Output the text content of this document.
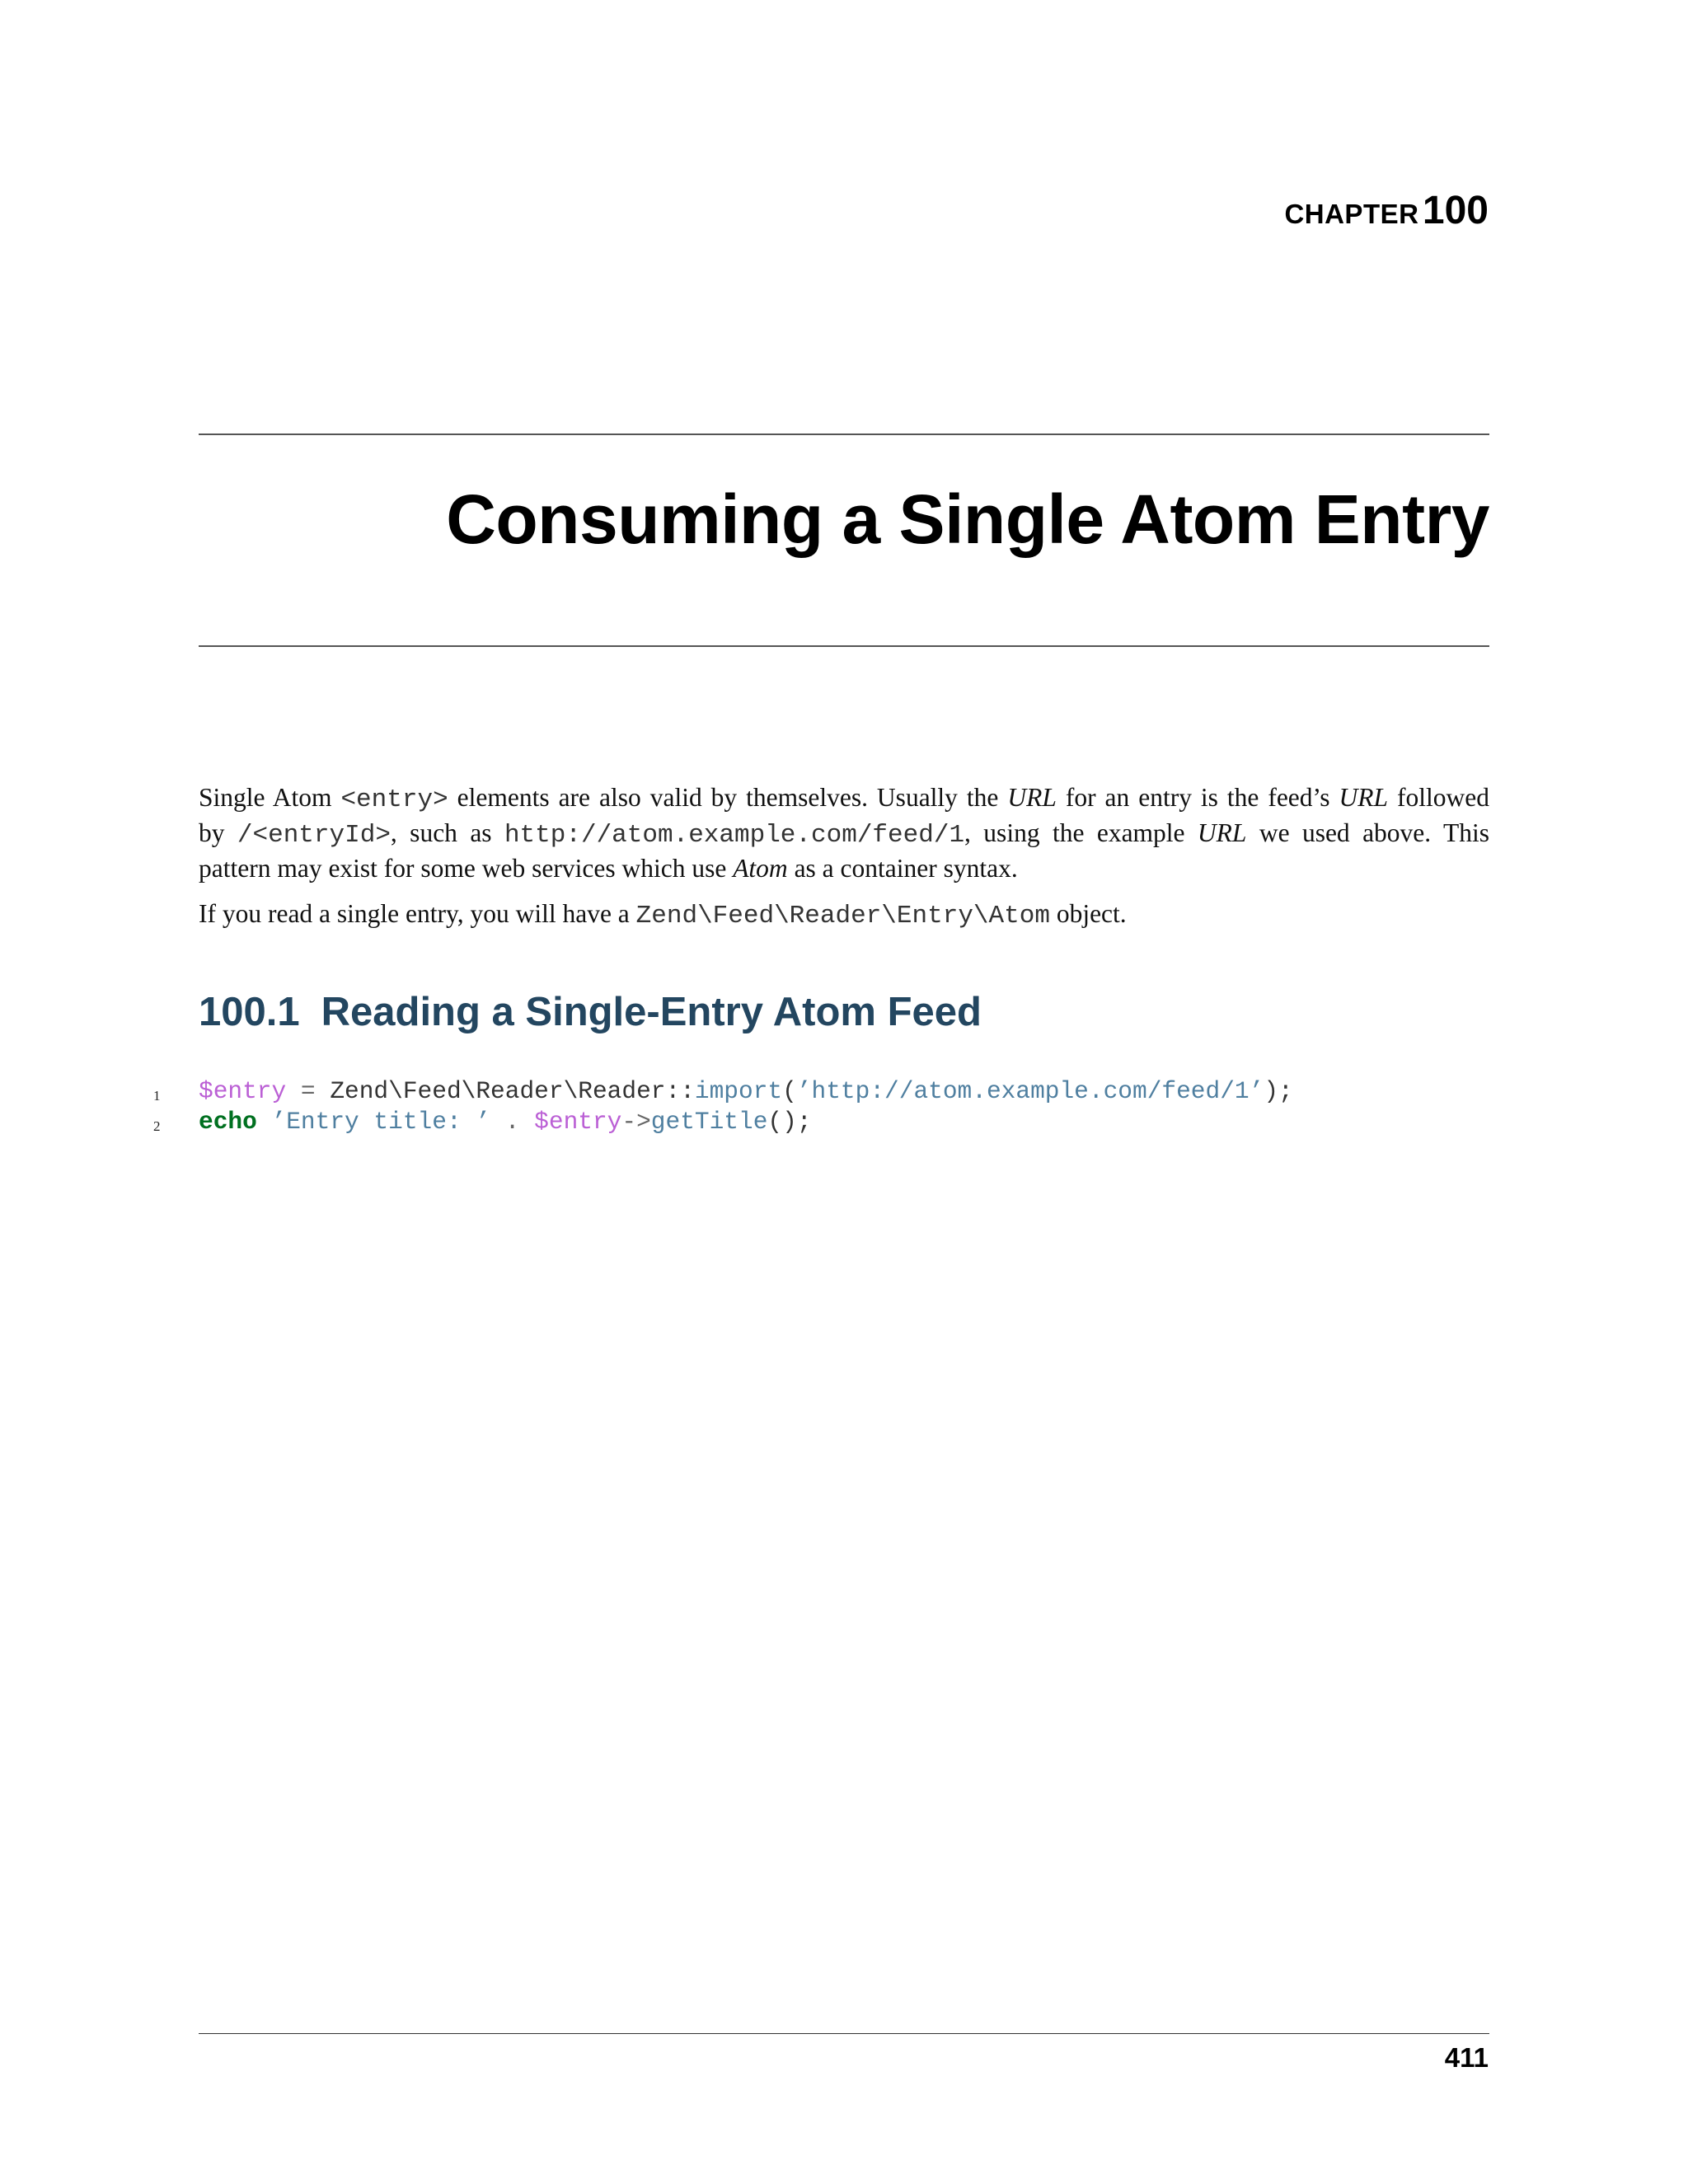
CHAPTER 100
Consuming a Single Atom Entry

Single Atom <entry> elements are also valid by themselves. Usually the URL for an entry is the feed’s URL followed
by /<entryId>, such as http://atom.example.com/feed/1, using the example URL we used above. This
pattern may exist for some web services which use Atom as a container syntax.

If you read a single entry, you will have a Zend\Feed\Reader\Entry\Atom object.

100.1 Reading a Single-Entry Atom Feed

1

	$entry = Zend\Feed\Reader\Reader::import(’http://atom.example.com/feed/1’);

2

	echo ’Entry title: ’ . $entry->getTitle();

411
